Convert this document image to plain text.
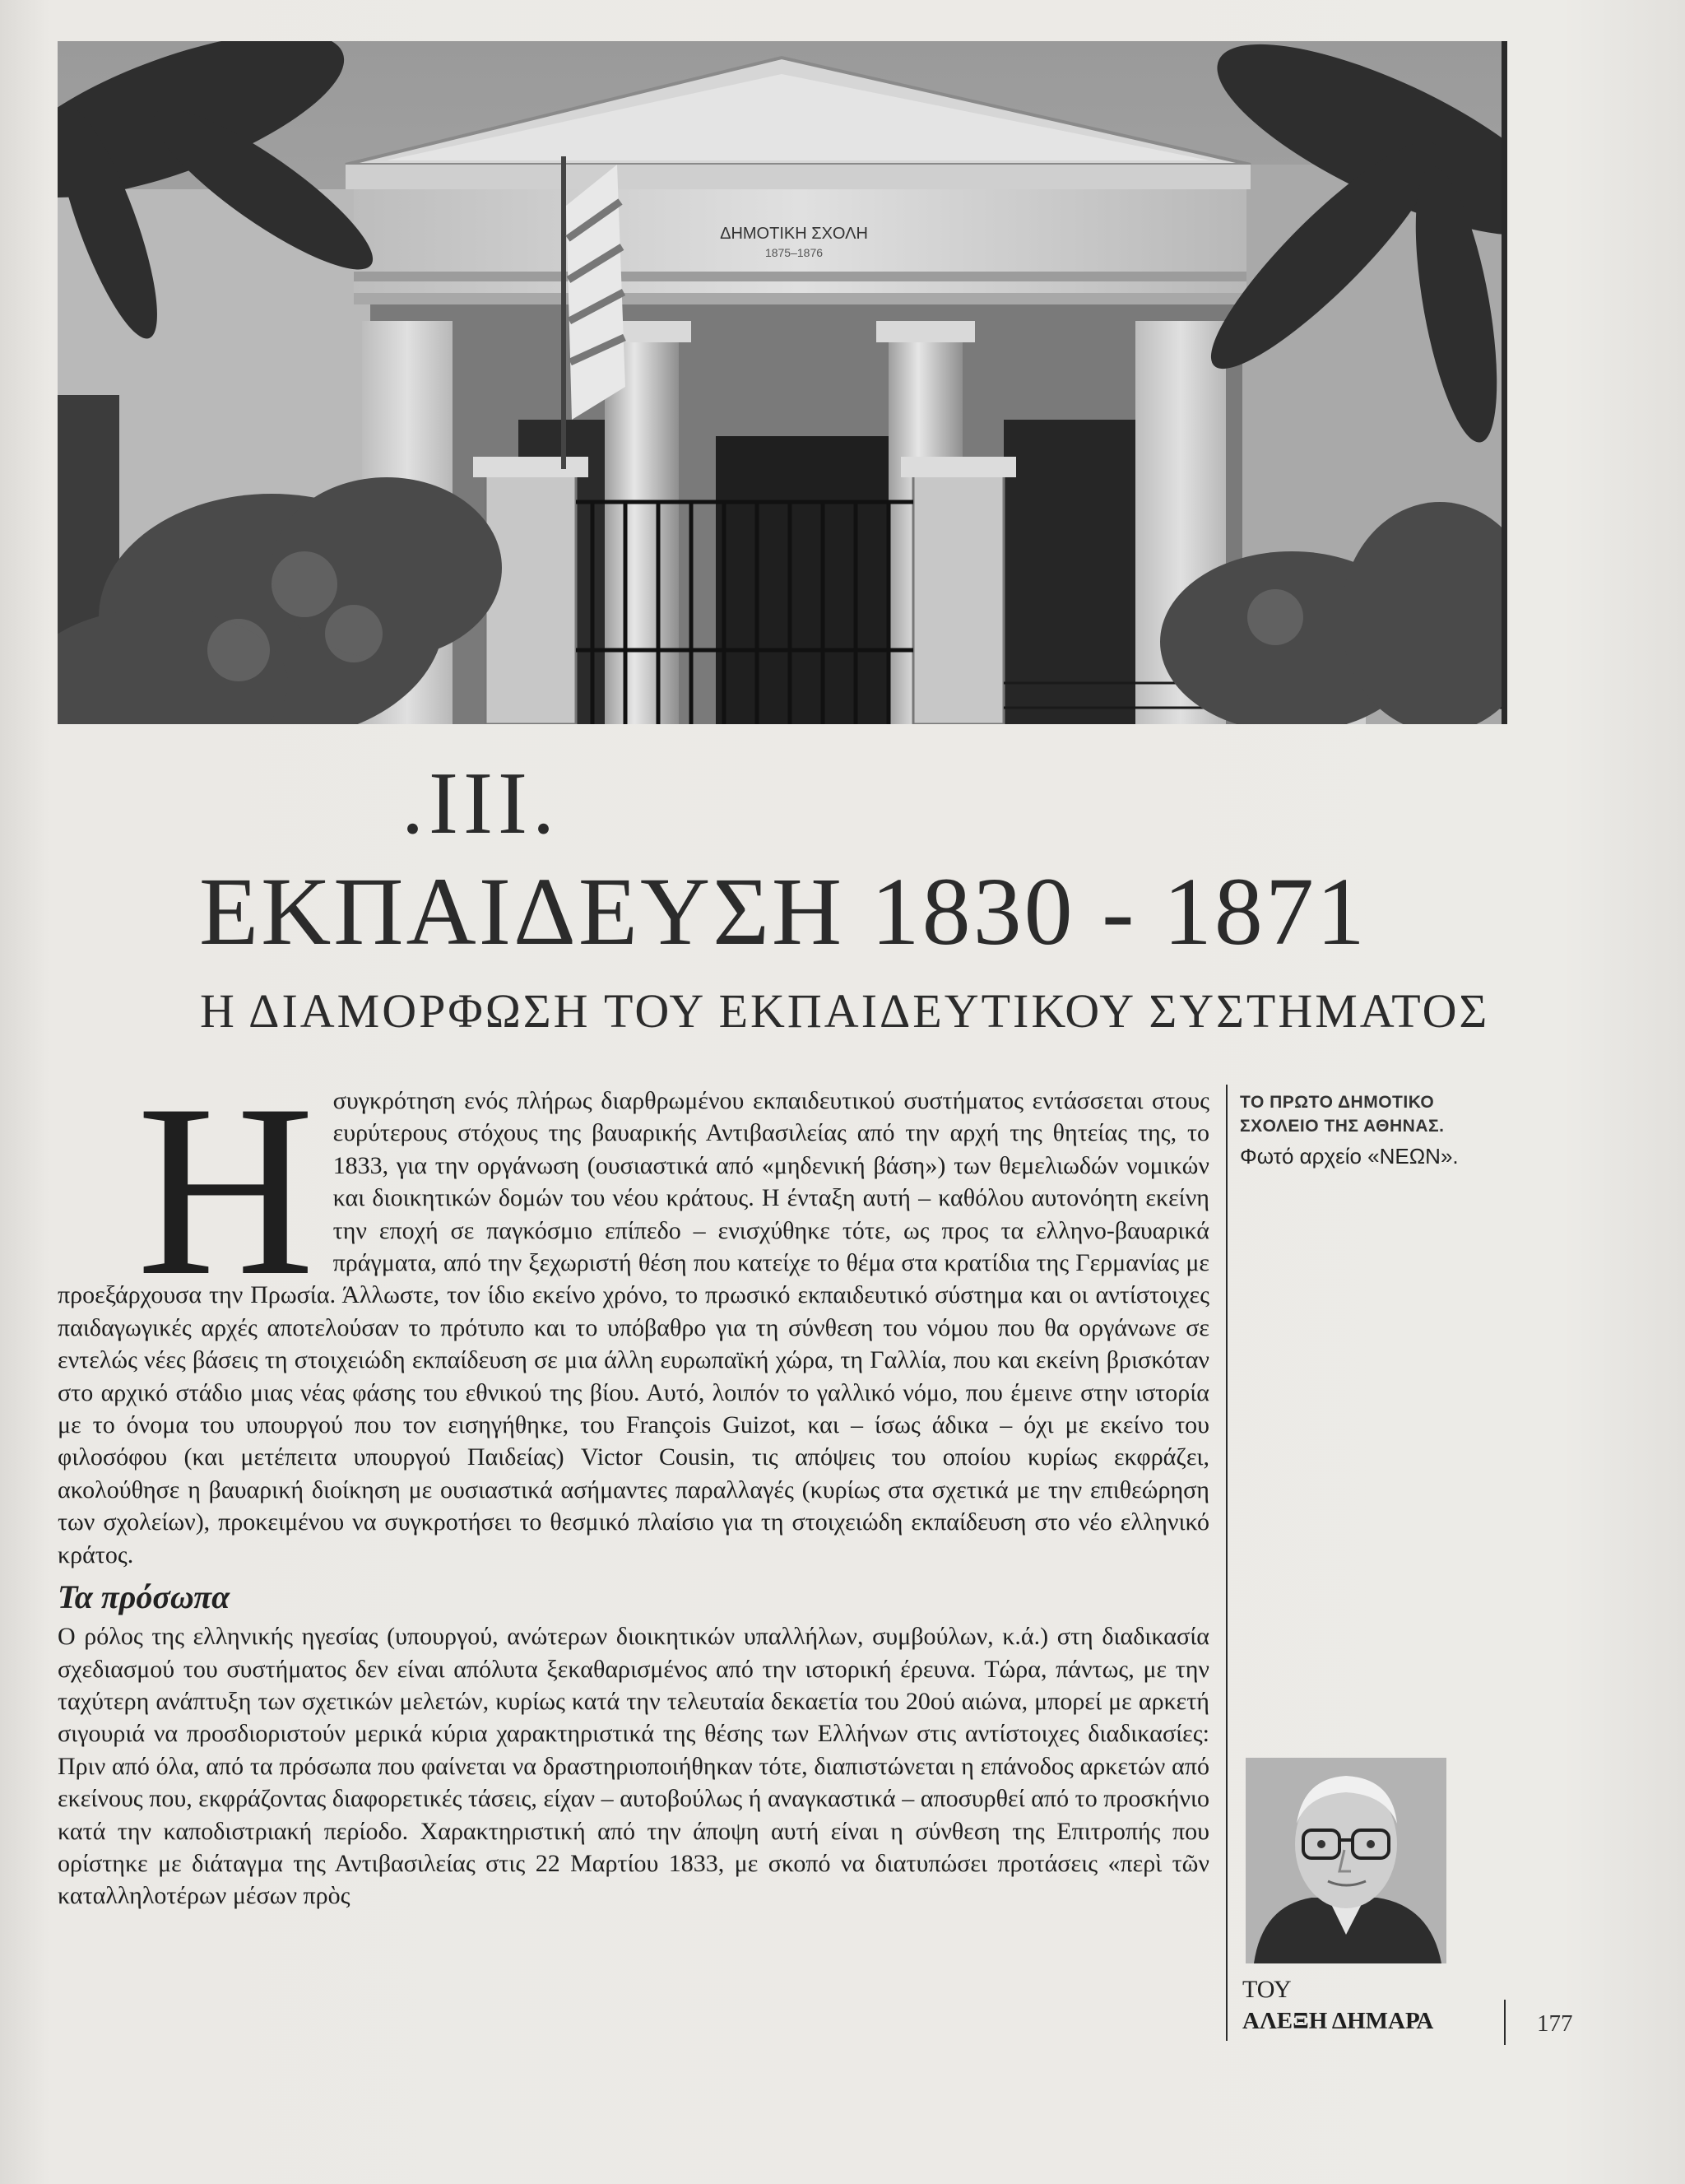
ΔΗΜΟΤΙΚΗ ΣΧΟΛΗ
1875–1876
.III.
ΕΚΠΑΙΔΕΥΣΗ 1830 - 1871
Η ΔΙΑΜΟΡΦΩΣΗ ΤΟΥ ΕΚΠΑΙΔΕΥΤΙΚΟΥ ΣΥΣΤΗΜΑΤΟΣ
Η συγκρότηση ενός πλήρως διαρθρωμένου εκπαιδευτικού συστήματος εντάσσεται στους ευρύτερους στόχους της βαυαρικής Αντιβασιλείας από την αρχή της θητείας της, το 1833, για την οργάνωση (ουσιαστικά από «μηδενική βάση») των θεμελιωδών νομικών και διοικητικών δομών του νέου κράτους. Η ένταξη αυτή – καθόλου αυτονόητη εκείνη την εποχή σε παγκόσμιο επίπεδο – ενισχύθηκε τότε, ως προς τα ελληνο-βαυαρικά πράγματα, από την ξεχωριστή θέση που κατείχε το θέμα στα κρατίδια της Γερμανίας με προεξάρχουσα την Πρωσία. Άλλωστε, τον ίδιο εκείνο χρόνο, το πρωσικό εκπαιδευτικό σύστημα και οι αντίστοιχες παιδαγωγικές αρχές αποτελούσαν το πρότυπο και το υπόβαθρο για τη σύνθεση του νόμου που θα οργάνωνε σε εντελώς νέες βάσεις τη στοιχειώδη εκπαίδευση σε μια άλλη ευρωπαϊκή χώρα, τη Γαλλία, που και εκείνη βρισκόταν στο αρχικό στάδιο μιας νέας φάσης του εθνικού της βίου. Αυτό, λοιπόν το γαλλικό νόμο, που έμεινε στην ιστορία με το όνομα του υπουργού που τον εισηγήθηκε, του François Guizot, και – ίσως άδικα – όχι με εκείνο του φιλοσόφου (και μετέπειτα υπουργού Παιδείας) Victor Cousin, τις απόψεις του οποίου κυρίως εκφράζει, ακολούθησε η βαυαρική διοίκηση με ουσιαστικά ασήμαντες παραλλαγές (κυρίως στα σχετικά με την επιθεώρηση των σχολείων), προκειμένου να συγκροτήσει το θεσμικό πλαίσιο για τη στοιχειώδη εκπαίδευση στο νέο ελληνικό κράτος.

Τα πρόσωπα

Ο ρόλος της ελληνικής ηγεσίας (υπουργού, ανώτερων διοικητικών υπαλλήλων, συμβούλων, κ.ά.) στη διαδικασία σχεδιασμού του συστήματος δεν είναι απόλυτα ξεκαθαρισμένος από την ιστορική έρευνα. Τώρα, πάντως, με την ταχύτερη ανάπτυξη των σχετικών μελετών, κυρίως κατά την τελευταία δεκαετία του 20ού αιώνα, μπορεί με αρκετή σιγουριά να προσδιοριστούν μερικά κύρια χαρακτηριστικά της θέσης των Ελλήνων στις αντίστοιχες διαδικασίες: Πριν από όλα, από τα πρόσωπα που φαίνεται να δραστηριοποιήθηκαν τότε, διαπιστώνεται η επάνοδος αρκετών από εκείνους που, εκφράζοντας διαφορετικές τάσεις, είχαν – αυτοβούλως ή αναγκαστικά – αποσυρθεί από το προσκήνιο κατά την καποδιστριακή περίοδο. Χαρακτηριστική από την άποψη αυτή είναι η σύνθεση της Επιτροπής που ορίστηκε με διάταγμα της Αντιβασιλείας στις 22 Μαρτίου 1833, με σκοπό να διατυπώσει προτάσεις «περὶ τῶν καταλληλοτέρων μέσων πρὸς

ΤΟ ΠΡΩΤΟ ΔΗΜΟΤΙΚΟ ΣΧΟΛΕΙΟ ΤΗΣ ΑΘΗΝΑΣ.
Φωτό αρχείο «ΝΕΩΝ».
ΤΟΥ
ΑΛΕΞΗ ΔΗΜΑΡΑ	177
